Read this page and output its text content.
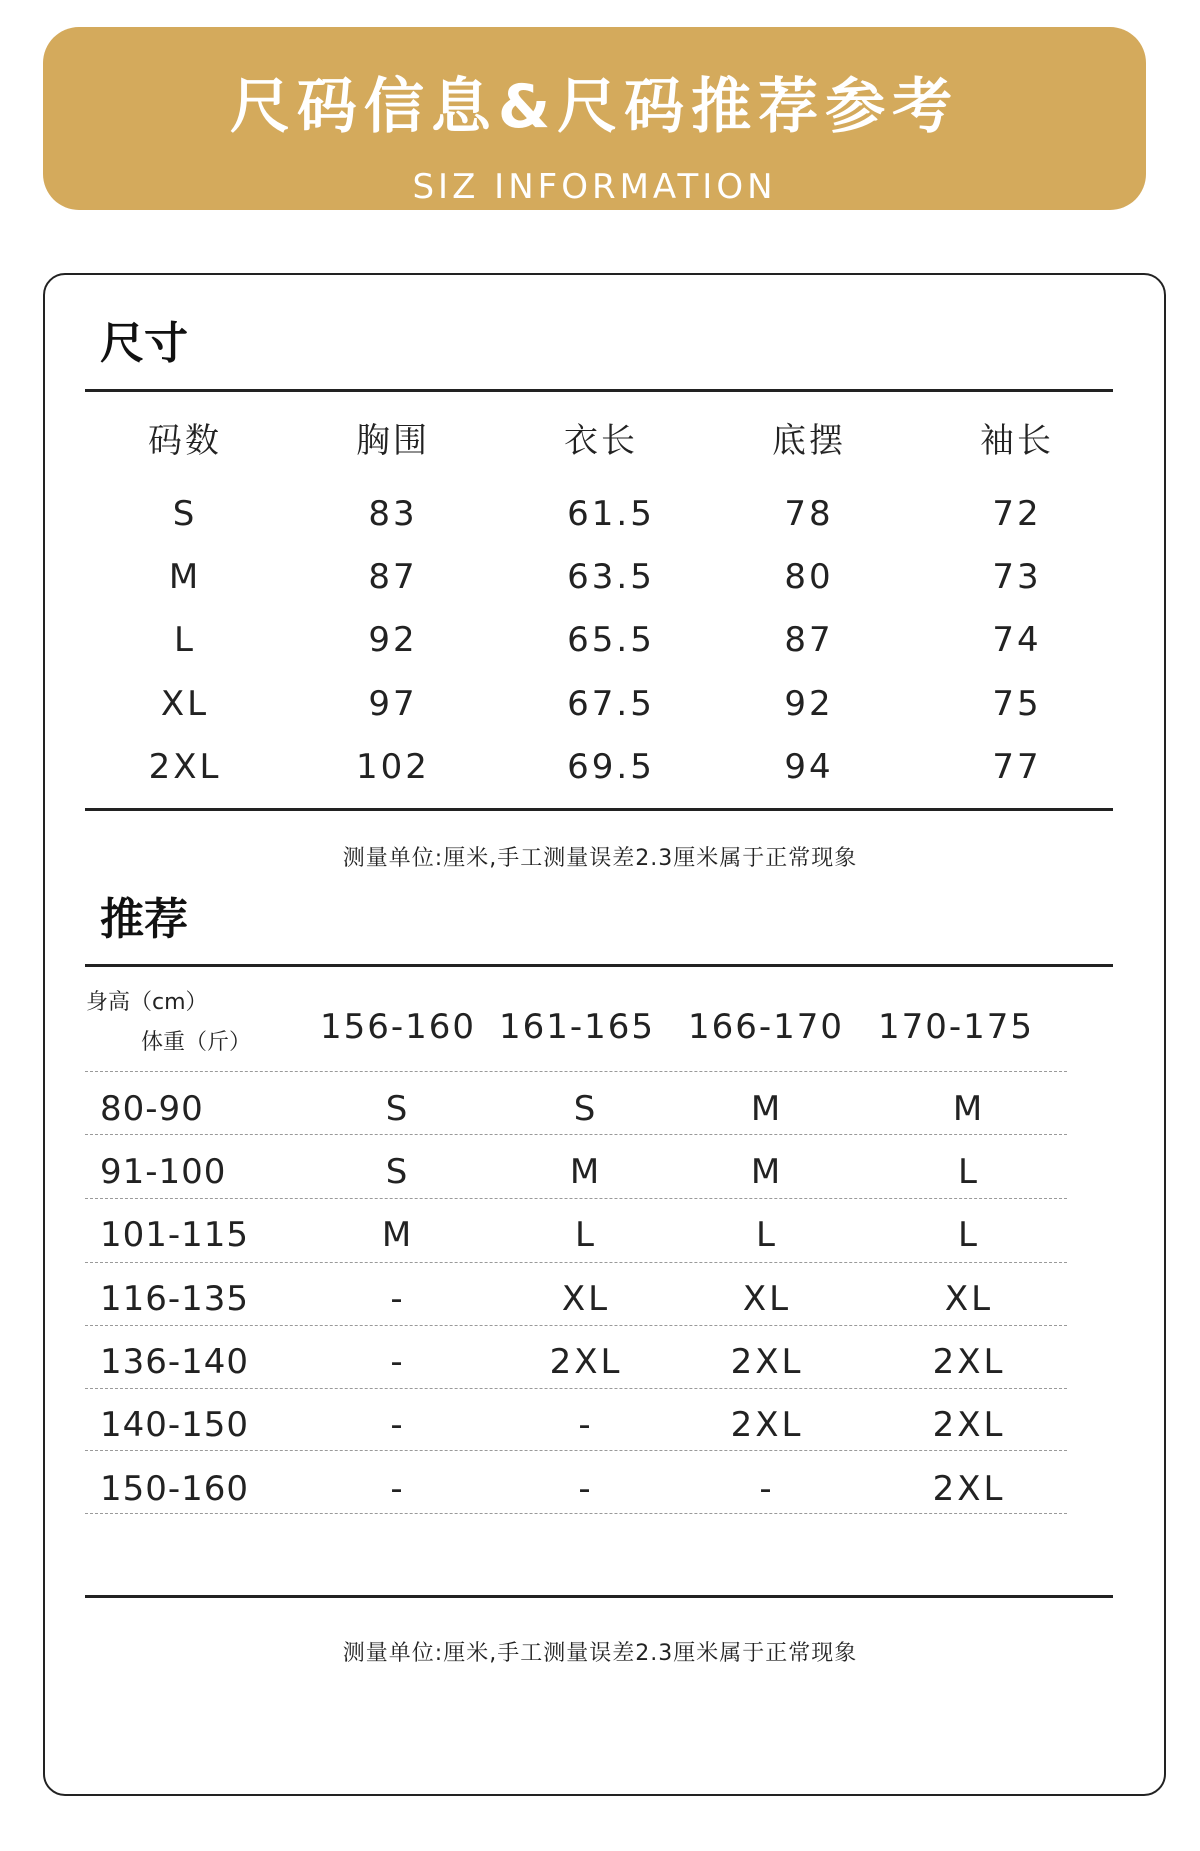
尺码信息&尺码推荐参考
SIZ INFORMATION
尺寸
码数	胸围	衣长	底摆	袖长
S	83	61.5	78	72
M	87	63.5	80	73
L	92	65.5	87	74
XL	97	67.5	92	75
2XL	102	69.5	94	77
测量单位:厘米,手工测量误差2.3厘米属于正常现象
推荐
身高（cm）
体重（斤） 156-160 161-165 166-170 170-175
80-90	S	S	M	M
91-100	S	M	M	L
101-115	M	L	L	L
116-135	-	XL	XL	XL
136-140	-	2XL	2XL	2XL
140-150	-	-	2XL	2XL
150-160	-	-	-	2XL
测量单位:厘米,手工测量误差2.3厘米属于正常现象
